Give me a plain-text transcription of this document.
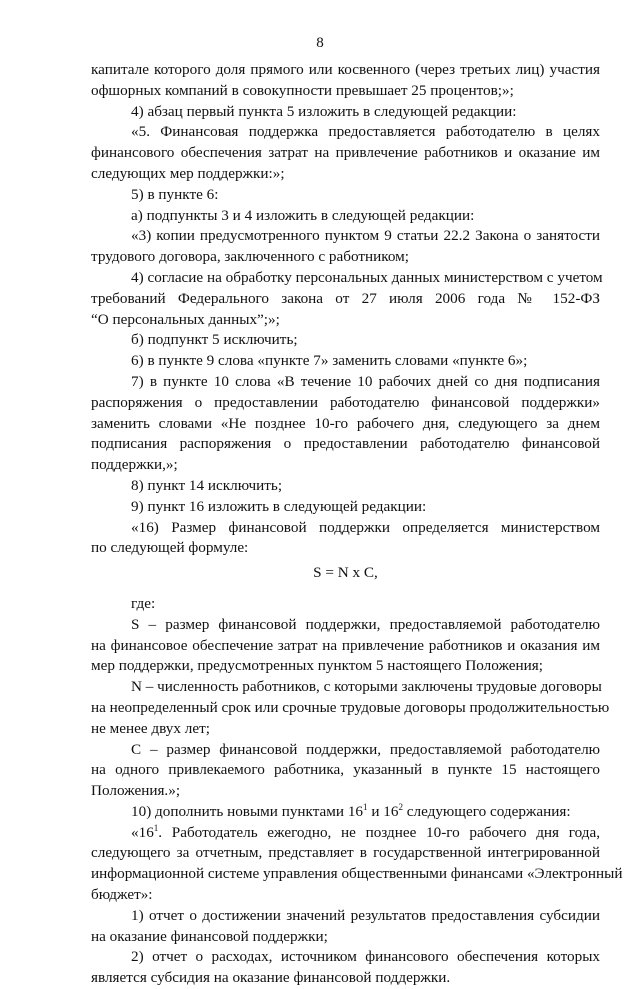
8
капитале которого доля прямого или косвенного (через третьих лиц) участия
офшорных компаний в совокупности превышает 25 процентов;»;
4) абзац первый пункта 5 изложить в следующей редакции:
«5. Финансовая поддержка предоставляется работодателю в целях
финансового обеспечения затрат на привлечение работников и оказание им
следующих мер поддержки:»;
5) в пункте 6:
а) подпункты 3 и 4 изложить в следующей редакции:
«3) копии предусмотренного пунктом 9 статьи 22.2 Закона о занятости
трудового договора, заключенного с работником;
4) согласие на обработку персональных данных министерством с учетом
требований Федерального закона от 27 июля 2006 года № 152-ФЗ
“О персональных данных”;»;
б) подпункт 5 исключить;
6) в пункте 9 слова «пункте 7» заменить словами «пункте 6»;
7) в пункте 10 слова «В течение 10 рабочих дней со дня подписания
распоряжения о предоставлении работодателю финансовой поддержки»
заменить словами «Не позднее 10-го рабочего дня, следующего за днем
подписания распоряжения о предоставлении работодателю финансовой
поддержки,»;
8) пункт 14 исключить;
9) пункт 16 изложить в следующей редакции:
«16) Размер финансовой поддержки определяется министерством
по следующей формуле:
S = N x C,
где:
S – размер финансовой поддержки, предоставляемой работодателю
на финансовое обеспечение затрат на привлечение работников и оказания им
мер поддержки, предусмотренных пунктом 5 настоящего Положения;
N – численность работников, с которыми заключены трудовые договоры
на неопределенный срок или срочные трудовые договоры продолжительностью
не менее двух лет;
C – размер финансовой поддержки, предоставляемой работодателю
на одного привлекаемого работника, указанный в пункте 15 настоящего
Положения.»;
10) дополнить новыми пунктами $16^1$ и $16^2$ следующего содержания:
«$16^1$. Работодатель ежегодно, не позднее 10-го рабочего дня года,
следующего за отчетным, представляет в государственной интегрированной
информационной системе управления общественными финансами «Электронный
бюджет»:
1) отчет о достижении значений результатов предоставления субсидии
на оказание финансовой поддержки;
2) отчет о расходах, источником финансового обеспечения которых
является субсидия на оказание финансовой поддержки.
